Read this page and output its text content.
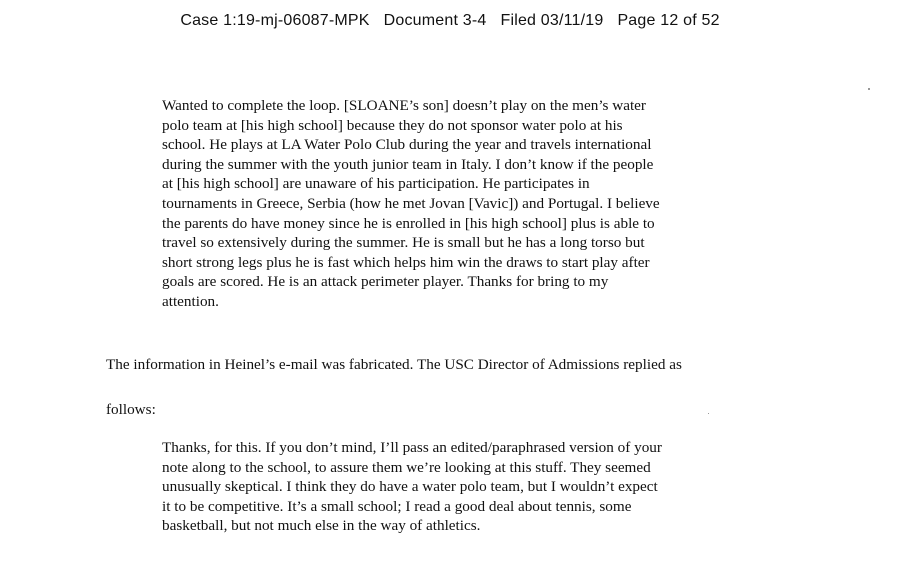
Case 1:19-mj-06087-MPK Document 3-4 Filed 03/11/19 Page 12 of 52
Wanted to complete the loop. [SLOANE’s son] doesn’t play on the men’s water
polo team at [his high school] because they do not sponsor water polo at his
school. He plays at LA Water Polo Club during the year and travels international
during the summer with the youth junior team in Italy. I don’t know if the people
at [his high school] are unaware of his participation. He participates in
tournaments in Greece, Serbia (how he met Jovan [Vavic]) and Portugal. I believe
the parents do have money since he is enrolled in [his high school] plus is able to
travel so extensively during the summer. He is small but he has a long torso but
short strong legs plus he is fast which helps him win the draws to start play after
goals are scored. He is an attack perimeter player. Thanks for bring to my
attention.
The information in Heinel’s e-mail was fabricated. The USC Director of Admissions replied as
follows:
Thanks, for this. If you don’t mind, I’ll pass an edited/paraphrased version of your
note along to the school, to assure them we’re looking at this stuff. They seemed
unusually skeptical. I think they do have a water polo team, but I wouldn’t expect
it to be competitive. It’s a small school; I read a good deal about tennis, some
basketball, but not much else in the way of athletics.
